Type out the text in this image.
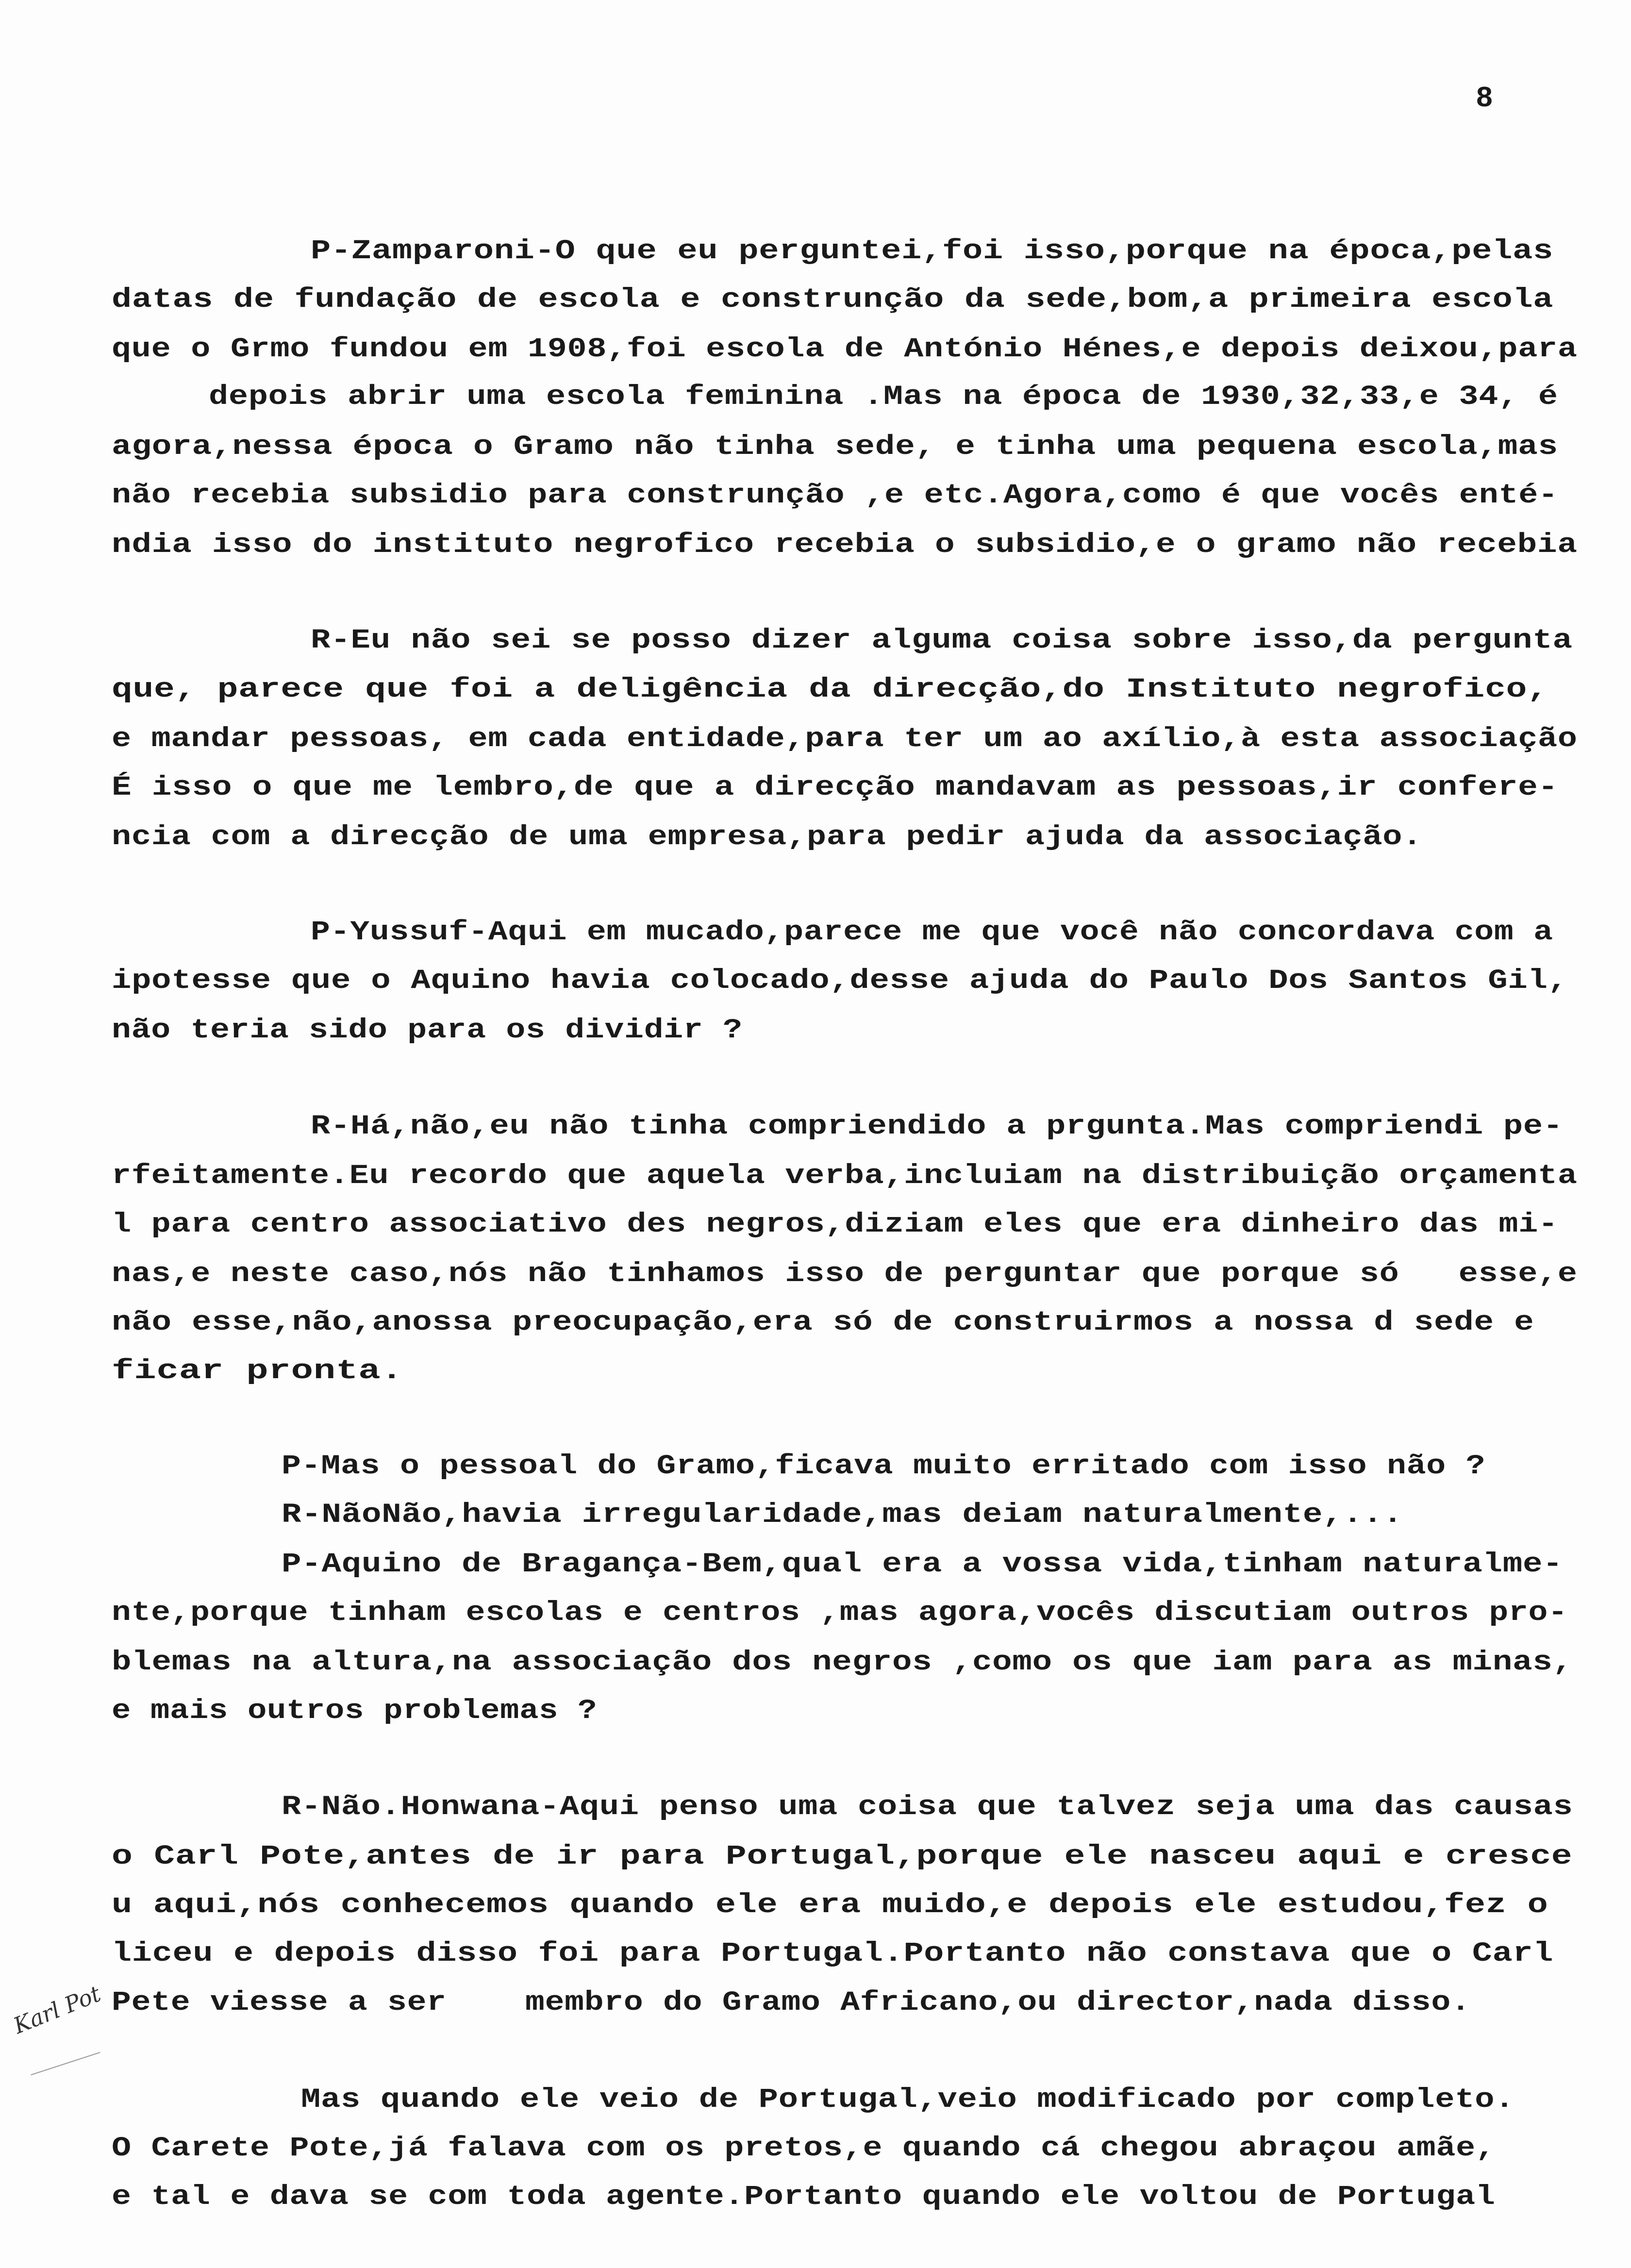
8
P-Zamparoni-O que eu perguntei,foi isso,porque na época,pelas
datas de fundação de escola e construnção da sede,bom,a primeira escola
que o Grmo fundou em 1908,foi escola de António Hénes,e depois deixou,para
depois abrir uma escola feminina .Mas na época de 1930,32,33,e 34, é
agora,nessa época o Gramo não tinha sede, e tinha uma pequena escola,mas
não recebia subsidio para construnção ,e etc.Agora,como é que vocês enté-
ndia isso do instituto negrofico recebia o subsidio,e o gramo não recebia
R-Eu não sei se posso dizer alguma coisa sobre isso,da pergunta
que, parece que foi a deligência da direcção,do Instituto negrofico,
e mandar pessoas, em cada entidade,para ter um ao axílio,à esta associação
É isso o que me lembro,de que a direcção mandavam as pessoas,ir confere-
ncia com a direcção de uma empresa,para pedir ajuda da associação.
P-Yussuf-Aqui em mucado,parece me que você não concordava com a
ipotesse que o Aquino havia colocado,desse ajuda do Paulo Dos Santos Gil,
não teria sido para os dividir ?
R-Há,não,eu não tinha compriendido a prgunta.Mas compriendi pe-
rfeitamente.Eu recordo que aquela verba,incluiam na distribuição orçamenta
l para centro associativo des negros,diziam eles que era dinheiro das mi-
nas,e neste caso,nós não tinhamos isso de perguntar que porque só   esse,e
não esse,não,anossa preocupação,era só de construirmos a nossa d sede e
ficar pronta.
P-Mas o pessoal do Gramo,ficava muito erritado com isso não ?
R-NãoNão,havia irregularidade,mas deiam naturalmente,...
P-Aquino de Bragança-Bem,qual era a vossa vida,tinham naturalme-
nte,porque tinham escolas e centros ,mas agora,vocês discutiam outros pro-
blemas na altura,na associação dos negros ,como os que iam para as minas,
e mais outros problemas ?
R-Não.Honwana-Aqui penso uma coisa que talvez seja uma das causas
o Carl Pote,antes de ir para Portugal,porque ele nasceu aqui e cresce
u aqui,nós conhecemos quando ele era muido,e depois ele estudou,fez o
liceu e depois disso foi para Portugal.Portanto não constava que o Carl
Pete viesse a ser    membro do Gramo Africano,ou director,nada disso.
Mas quando ele veio de Portugal,veio modificado por completo.
O Carete Pote,já falava com os pretos,e quando cá chegou abraçou amãe,
e tal e dava se com toda agente.Portanto quando ele voltou de Portugal
Karl Pot
